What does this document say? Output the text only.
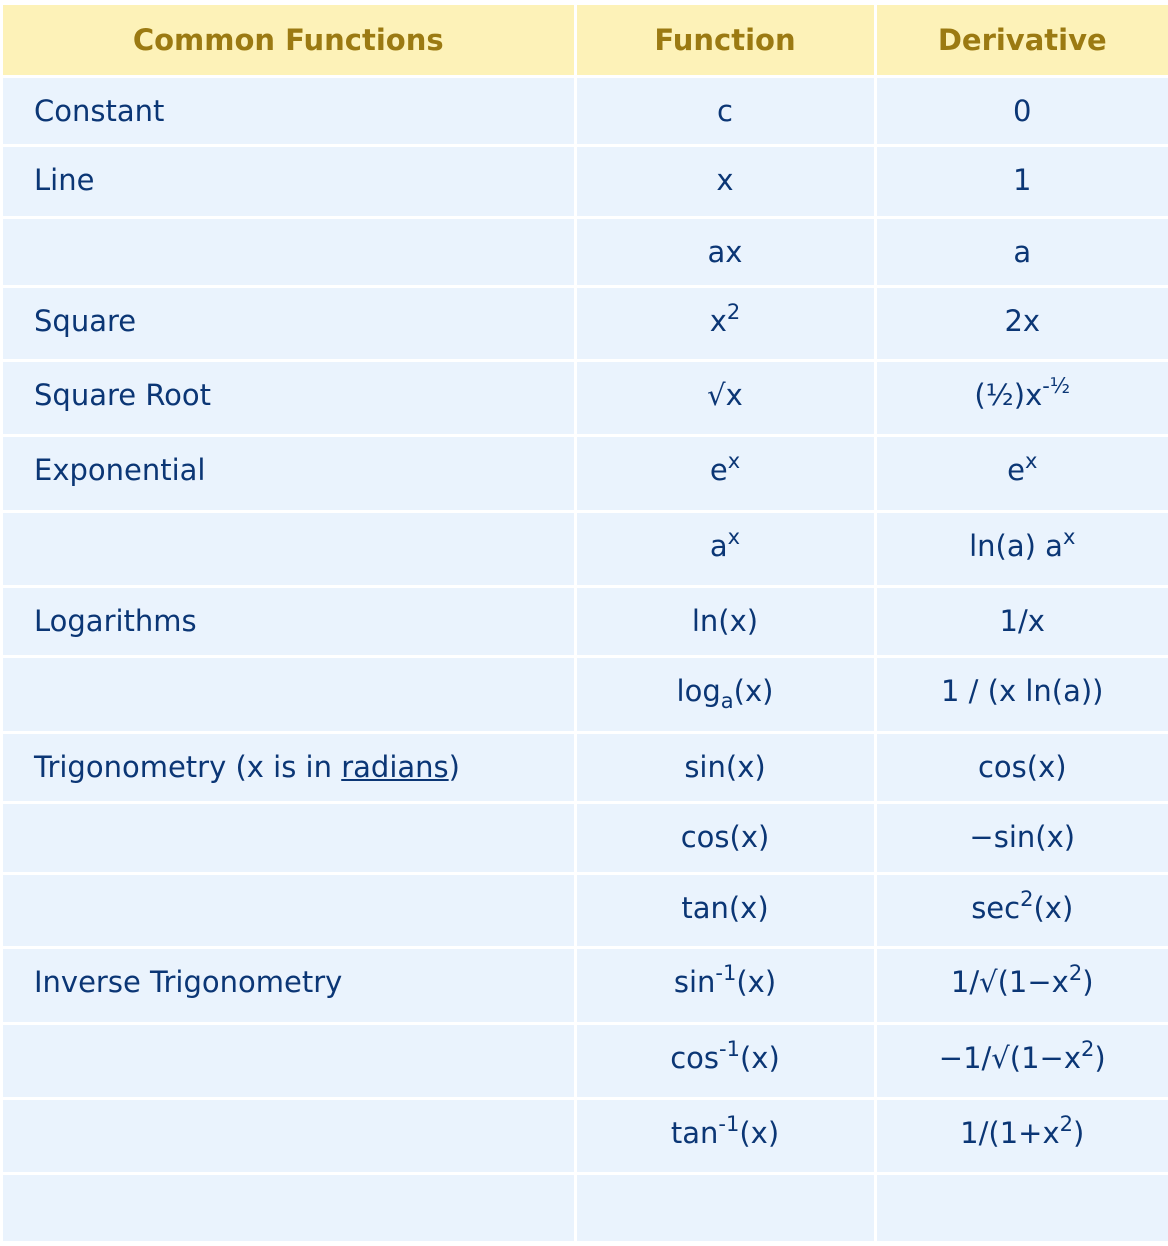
Common Functions	Function	Derivative

Constant	c	0

Line	x	1

	ax	a

Square	$x^2$	2x

Square Root	√x	$(\frac{1}{2})x^{-\frac{1}{2}}$

Exponential	$e^x$	$e^x$

	$a^x$	ln(a) $a^x$

Logarithms	ln(x)	1/x

	$\log_a(x)$	1 / (x ln(a))

Trigonometry (x is in radians)	sin(x)	cos(x)

	cos(x)	−sin(x)

	tan(x)	$\sec^2(x)$

Inverse Trigonometry	$\sin^{-1}(x)$	$1/√(1-x^2)$

	$\cos^{-1}(x)$	$-1/√(1-x^2)$

	$\tan^{-1}(x)$	$1/(1+x^2)$
